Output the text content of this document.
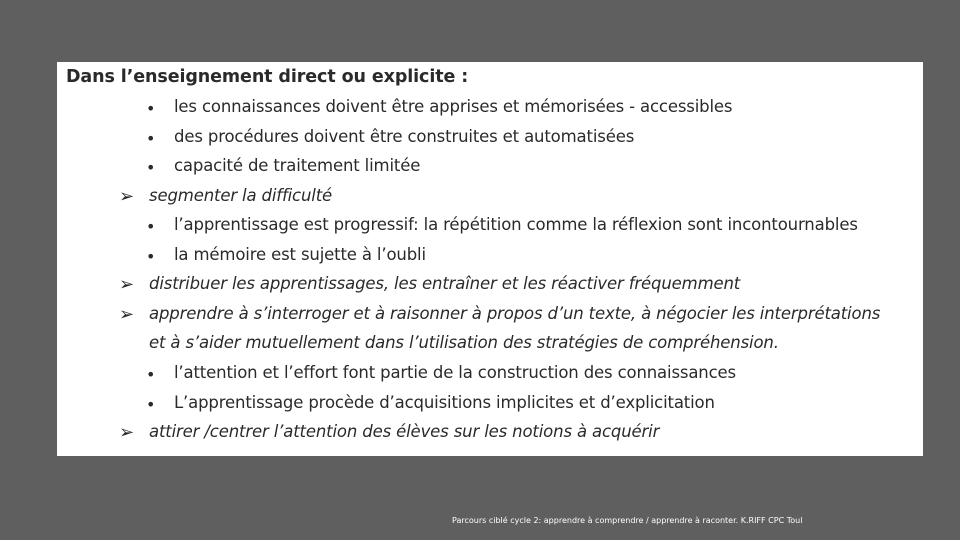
Dans l’enseignement direct ou explicite :
• les connaissances doivent être apprises et mémorisées - accessibles
• des procédures doivent être construites et automatisées
• capacité de traitement limitée
➢ segmenter la difficulté
• l’apprentissage est progressif: la répétition comme la réflexion sont incontournables
• la mémoire est sujette à l’oubli
➢ distribuer les apprentissages, les entraîner et les réactiver fréquemment
➢ apprendre à s’interroger et à raisonner à propos d’un texte, à négocier les interprétations
et à s’aider mutuellement dans l’utilisation des stratégies de compréhension.
• l’attention et l’effort font partie de la construction des connaissances
• L’apprentissage procède d’acquisitions implicites et d’explicitation
➢ attirer /centrer l’attention des élèves sur les notions à acquérir
Parcours ciblé cycle 2: apprendre à comprendre / apprendre à raconter. K.RIFF CPC Toul
